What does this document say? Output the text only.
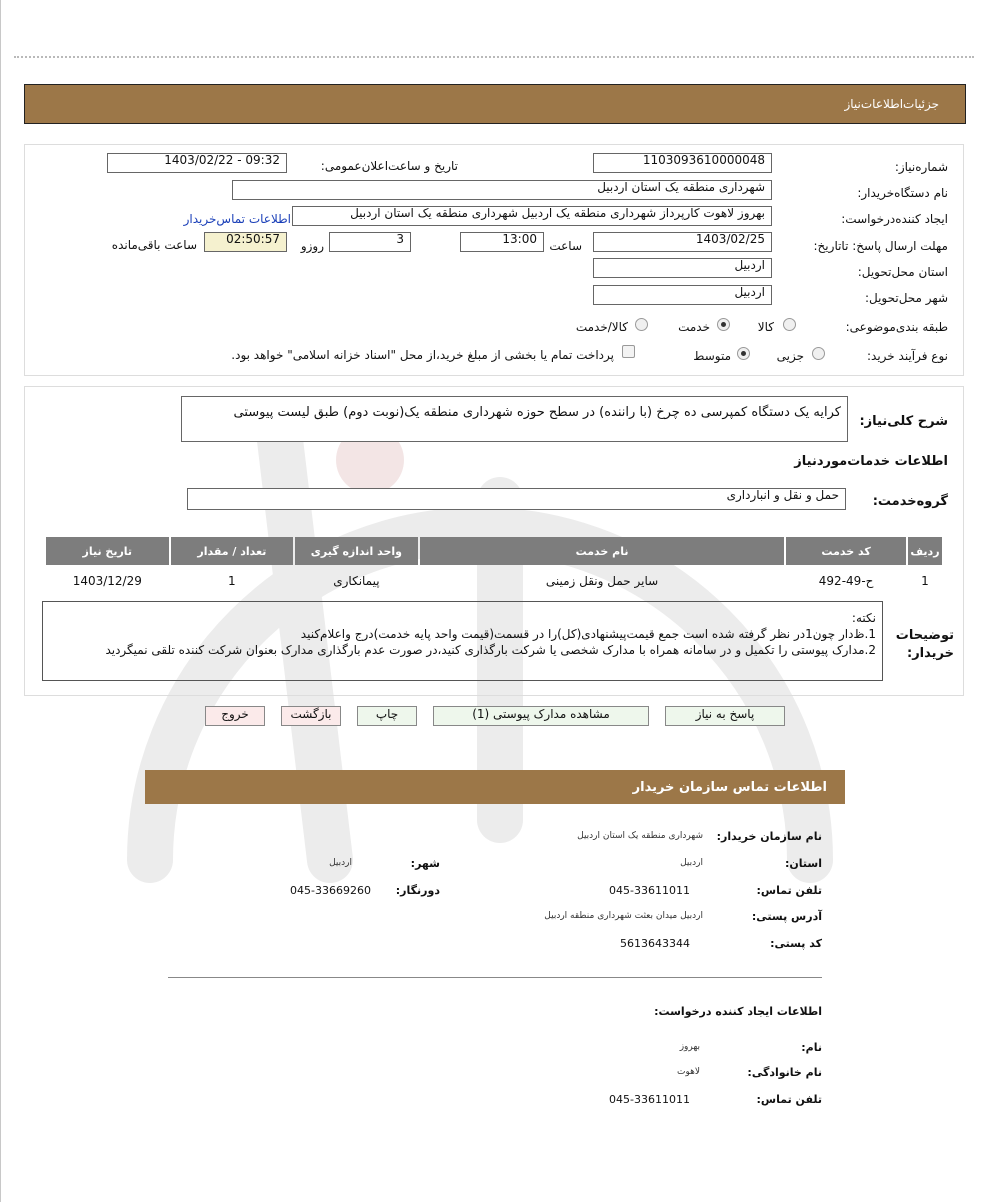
جزئیات‌اطلاعات‌نیاز
شماره‌نیاز:
1103093610000048
تاریخ و ساعت‌اعلان‌عمومی:
1403/02/22 - 09:32
نام دستگاه‌خریدار:
شهرداری منطقه یک استان اردبیل
ایجاد کننده‌درخواست:
بهروز لاهوت کارپرداز شهرداری منطقه یک اردبیل شهرداری منطقه یک استان اردبیل
اطلاعات تماس‌خریدار
مهلت ارسال پاسخ: تاتاریخ:
1403/02/25
ساعت
13:00
3
روزو
02:50:57
ساعت باقی‌مانده
استان محل‌تحویل:
اردبیل
شهر محل‌تحویل:
اردبیل
طبقه بندی‌موضوعی:
کالا
خدمت
کالا/خدمت
نوع فرآیند خرید:
جزیی
متوسط
پرداخت تمام یا بخشی از مبلغ خرید،از محل "اسناد خزانه اسلامی" خواهد بود.
شرح کلی‌نیاز:
کرایه یک دستگاه کمپرسی ده چرخ (با راننده) در سطح حوزه شهرداری منطقه یک(نوبت دوم) طبق لیست پیوستی
اطلاعات خدمات‌مورد‌نیاز
گروه‌خدمت:
حمل و نقل و انبارداری
ردیف	کد خدمت	نام خدمت	واحد اندازه گیری	تعداد / مقدار	تاریخ نیاز
1	ح-49-492	سایر حمل ونقل زمینی	پیمانکاری	1	1403/12/29
توضیحات خریدار:
نکته:
1.ظ‌دار چون1در نظر گرفته شده است جمع قیمت‌پیشنهادی(کل)را در قسمت(قیمت واحد پایه خدمت)درج واعلام‌کنید
2.مدارک پیوستی را تکمیل و در سامانه همراه با مدارک شخصی یا شرکت بارگذاری کنید،در صورت عدم بارگذاری مدارک بعنوان شرکت کننده تلقی نمیگردید
پاسخ به نیاز
مشاهده مدارک پیوستی (1)
چاپ
بازگشت
خروج
اطلاعات تماس سازمان خریدار
نام سازمان خریدار:
شهرداری منطقه یک استان اردبیل
استان:
اردبیل
شهر:
اردبیل
تلفن تماس:
045-33611011
دورنگار:
045-33669260
آدرس پستی:
اردبیل میدان بعثت شهرداری منطقه اردبیل
کد پستی:
5613643344
اطلاعات ایجاد کننده درخواست:
نام:
بهروز
نام خانوادگی:
لاهوت
تلفن تماس:
045-33611011
